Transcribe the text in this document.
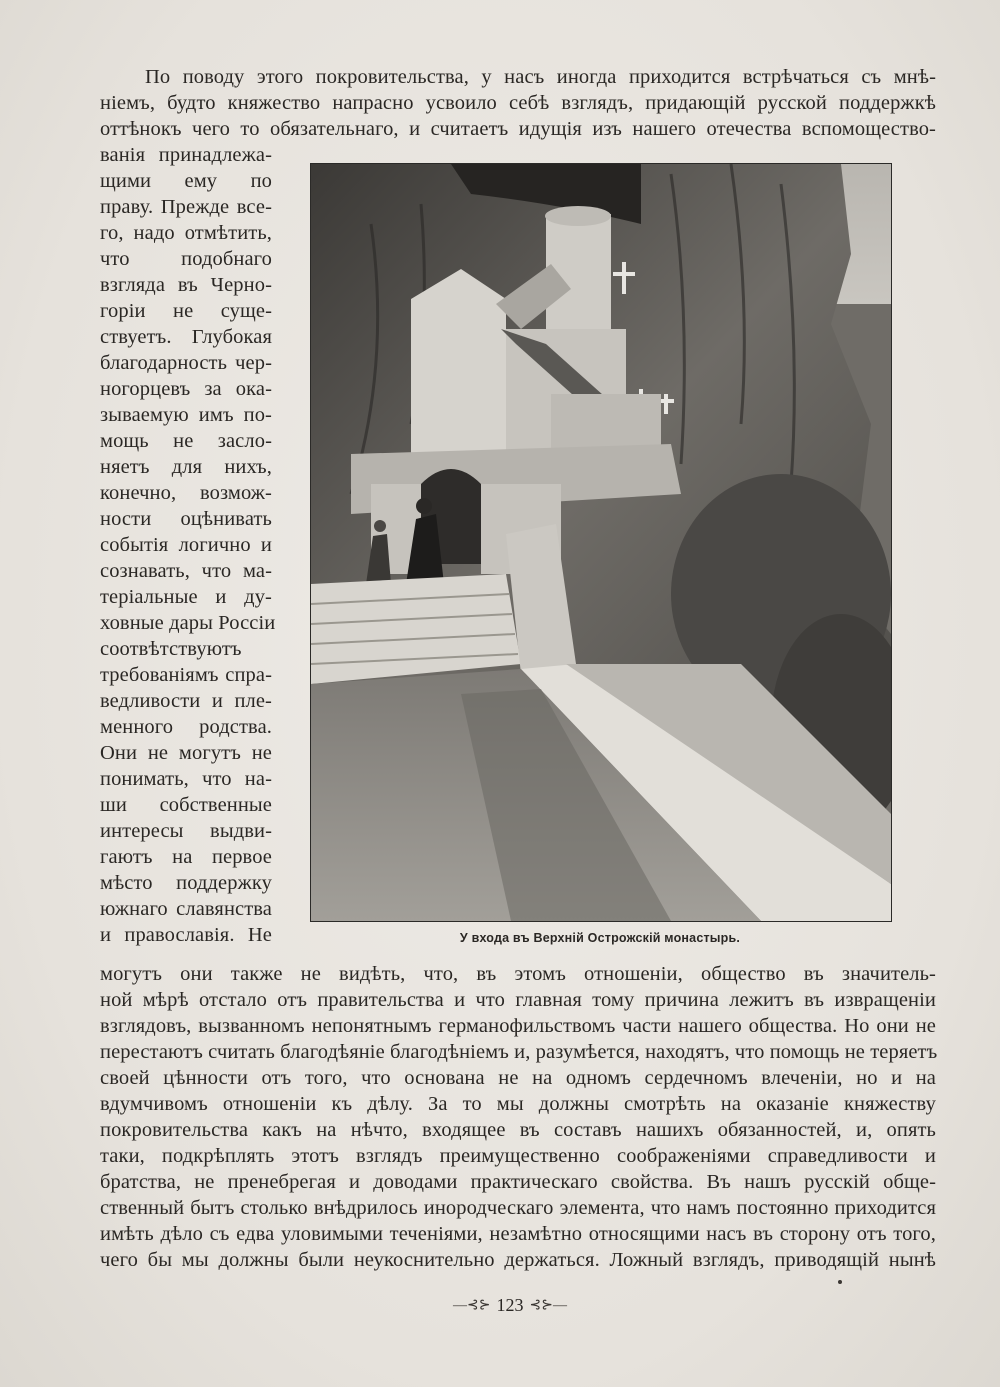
По поводу этого покровительства, у насъ иногда приходится встрѣчаться съ мнѣ-
ніемъ, будто княжество напрасно усвоило себѣ взглядъ, придающій русской поддержкѣ
оттѣнокъ чего то обязательнаго, и считаетъ идущія изъ нашего отечества вспомощество-
ванія принадлежа-
щими ему по
праву. Прежде все-
го, надо отмѣтить,
что подобнаго
взгляда въ Черно-
горіи не суще-
ствуетъ. Глубокая
благодарность чер-
ногорцевъ за ока-
зываемую имъ по-
мощь не засло-
няетъ для нихъ,
конечно, возмож-
ности оцѣнивать
событія логично и
сознавать, что ма-
теріальные и ду-
ховные дары Россіи
соотвѣтствуютъ
требованіямъ спра-
ведливости и пле-
менного родства.
Они не могутъ не
понимать, что на-
ши собственные
интересы выдви-
гаютъ на первое
мѣсто поддержку
южнаго славянства
и православія. Не	У входа въ Верхній Острожскій монастырь.
могутъ они также не видѣть, что, въ этомъ отношеніи, общество въ значитель-
ной мѣрѣ отстало отъ правительства и что главная тому причина лежитъ въ извращеніи
взглядовъ, вызванномъ непонятнымъ германофильствомъ части нашего общества. Но они не
перестаютъ считать благодѣяніе благодѣніемъ и, разумѣется, находятъ, что помощь не теряетъ
своей цѣнности отъ того, что основана не на одномъ сердечномъ влеченіи, но и на
вдумчивомъ отношеніи къ дѣлу. За то мы должны смотрѣть на оказаніе княжеству
покровительства какъ на нѣчто, входящее въ составъ нашихъ обязанностей, и, опять
таки, подкрѣплять этотъ взглядъ преимущественно соображеніями справедливости и
братства, не пренебрегая и доводами практическаго свойства. Въ нашъ русскій обще-
ственный бытъ столько внѣдрилось инородческаго элемента, что намъ постоянно приходится
имѣть дѣло съ едва уловимыми теченіями, незамѣтно относящими насъ въ сторону отъ того,
чего бы мы должны были неукоснительно держаться. Ложный взглядъ, приводящій нынѣ
—⊰⊱ 123 ⊰⊱—
